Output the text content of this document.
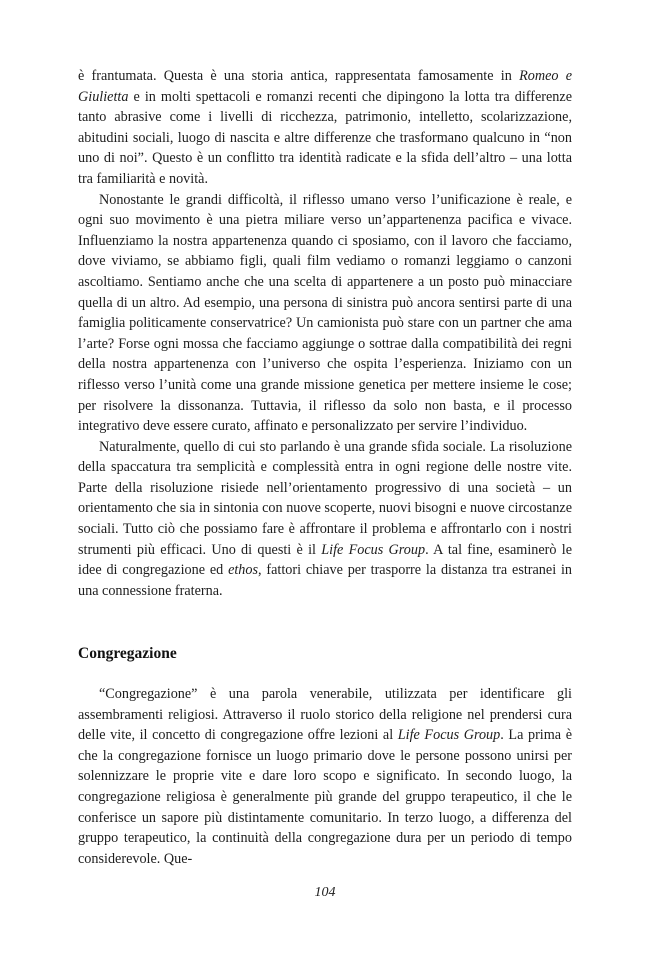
è frantumata. Questa è una storia antica, rappresentata famosamente in Romeo e Giulietta e in molti spettacoli e romanzi recenti che dipingono la lotta tra differenze tanto abrasive come i livelli di ricchezza, patrimonio, intelletto, scolarizzazione, abitudini sociali, luogo di nascita e altre differenze che trasformano qualcuno in “non uno di noi”. Questo è un conflitto tra identità radicate e la sfida dell’altro – una lotta tra familiarità e novità.

Nonostante le grandi difficoltà, il riflesso umano verso l’unificazione è reale, e ogni suo movimento è una pietra miliare verso un’appartenenza pacifica e vivace. Influenziamo la nostra appartenenza quando ci sposiamo, con il lavoro che facciamo, dove viviamo, se abbiamo figli, quali film vediamo o romanzi leggiamo o canzoni ascoltiamo. Sentiamo anche che una scelta di appartenere a un posto può minacciare quella di un altro. Ad esempio, una persona di sinistra può ancora sentirsi parte di una famiglia politicamente conservatrice? Un camionista può stare con un partner che ama l’arte? Forse ogni mossa che facciamo aggiunge o sottrae dalla compatibilità dei regni della nostra appartenenza con l’universo che ospita l’esperienza. Iniziamo con un riflesso verso l’unità come una grande missione genetica per mettere insieme le cose; per risolvere la dissonanza. Tuttavia, il riflesso da solo non basta, e il processo integrativo deve essere curato, affinato e personalizzato per servire l’individuo.

Naturalmente, quello di cui sto parlando è una grande sfida sociale. La risoluzione della spaccatura tra semplicità e complessità entra in ogni regione delle nostre vite. Parte della risoluzione risiede nell’orientamento progressivo di una società – un orientamento che sia in sintonia con nuove scoperte, nuovi bisogni e nuove circostanze sociali. Tutto ciò che possiamo fare è affrontare il problema e affrontarlo con i nostri strumenti più efficaci. Uno di questi è il Life Focus Group. A tal fine, esaminerò le idee di congregazione ed ethos, fattori chiave per trasporre la distanza tra estranei in una connessione fraterna.

Congregazione

“Congregazione” è una parola venerabile, utilizzata per identificare gli assembramenti religiosi. Attraverso il ruolo storico della religione nel prendersi cura delle vite, il concetto di congregazione offre lezioni al Life Focus Group. La prima è che la congregazione fornisce un luogo primario dove le persone possono unirsi per solennizzare le proprie vite e dare loro scopo e significato. In secondo luogo, la congregazione religiosa è generalmente più grande del gruppo terapeutico, il che le conferisce un sapore più distintamente comunitario. In terzo luogo, a differenza del gruppo terapeutico, la continuità della congregazione dura per un periodo di tempo considerevole. Que-

104
